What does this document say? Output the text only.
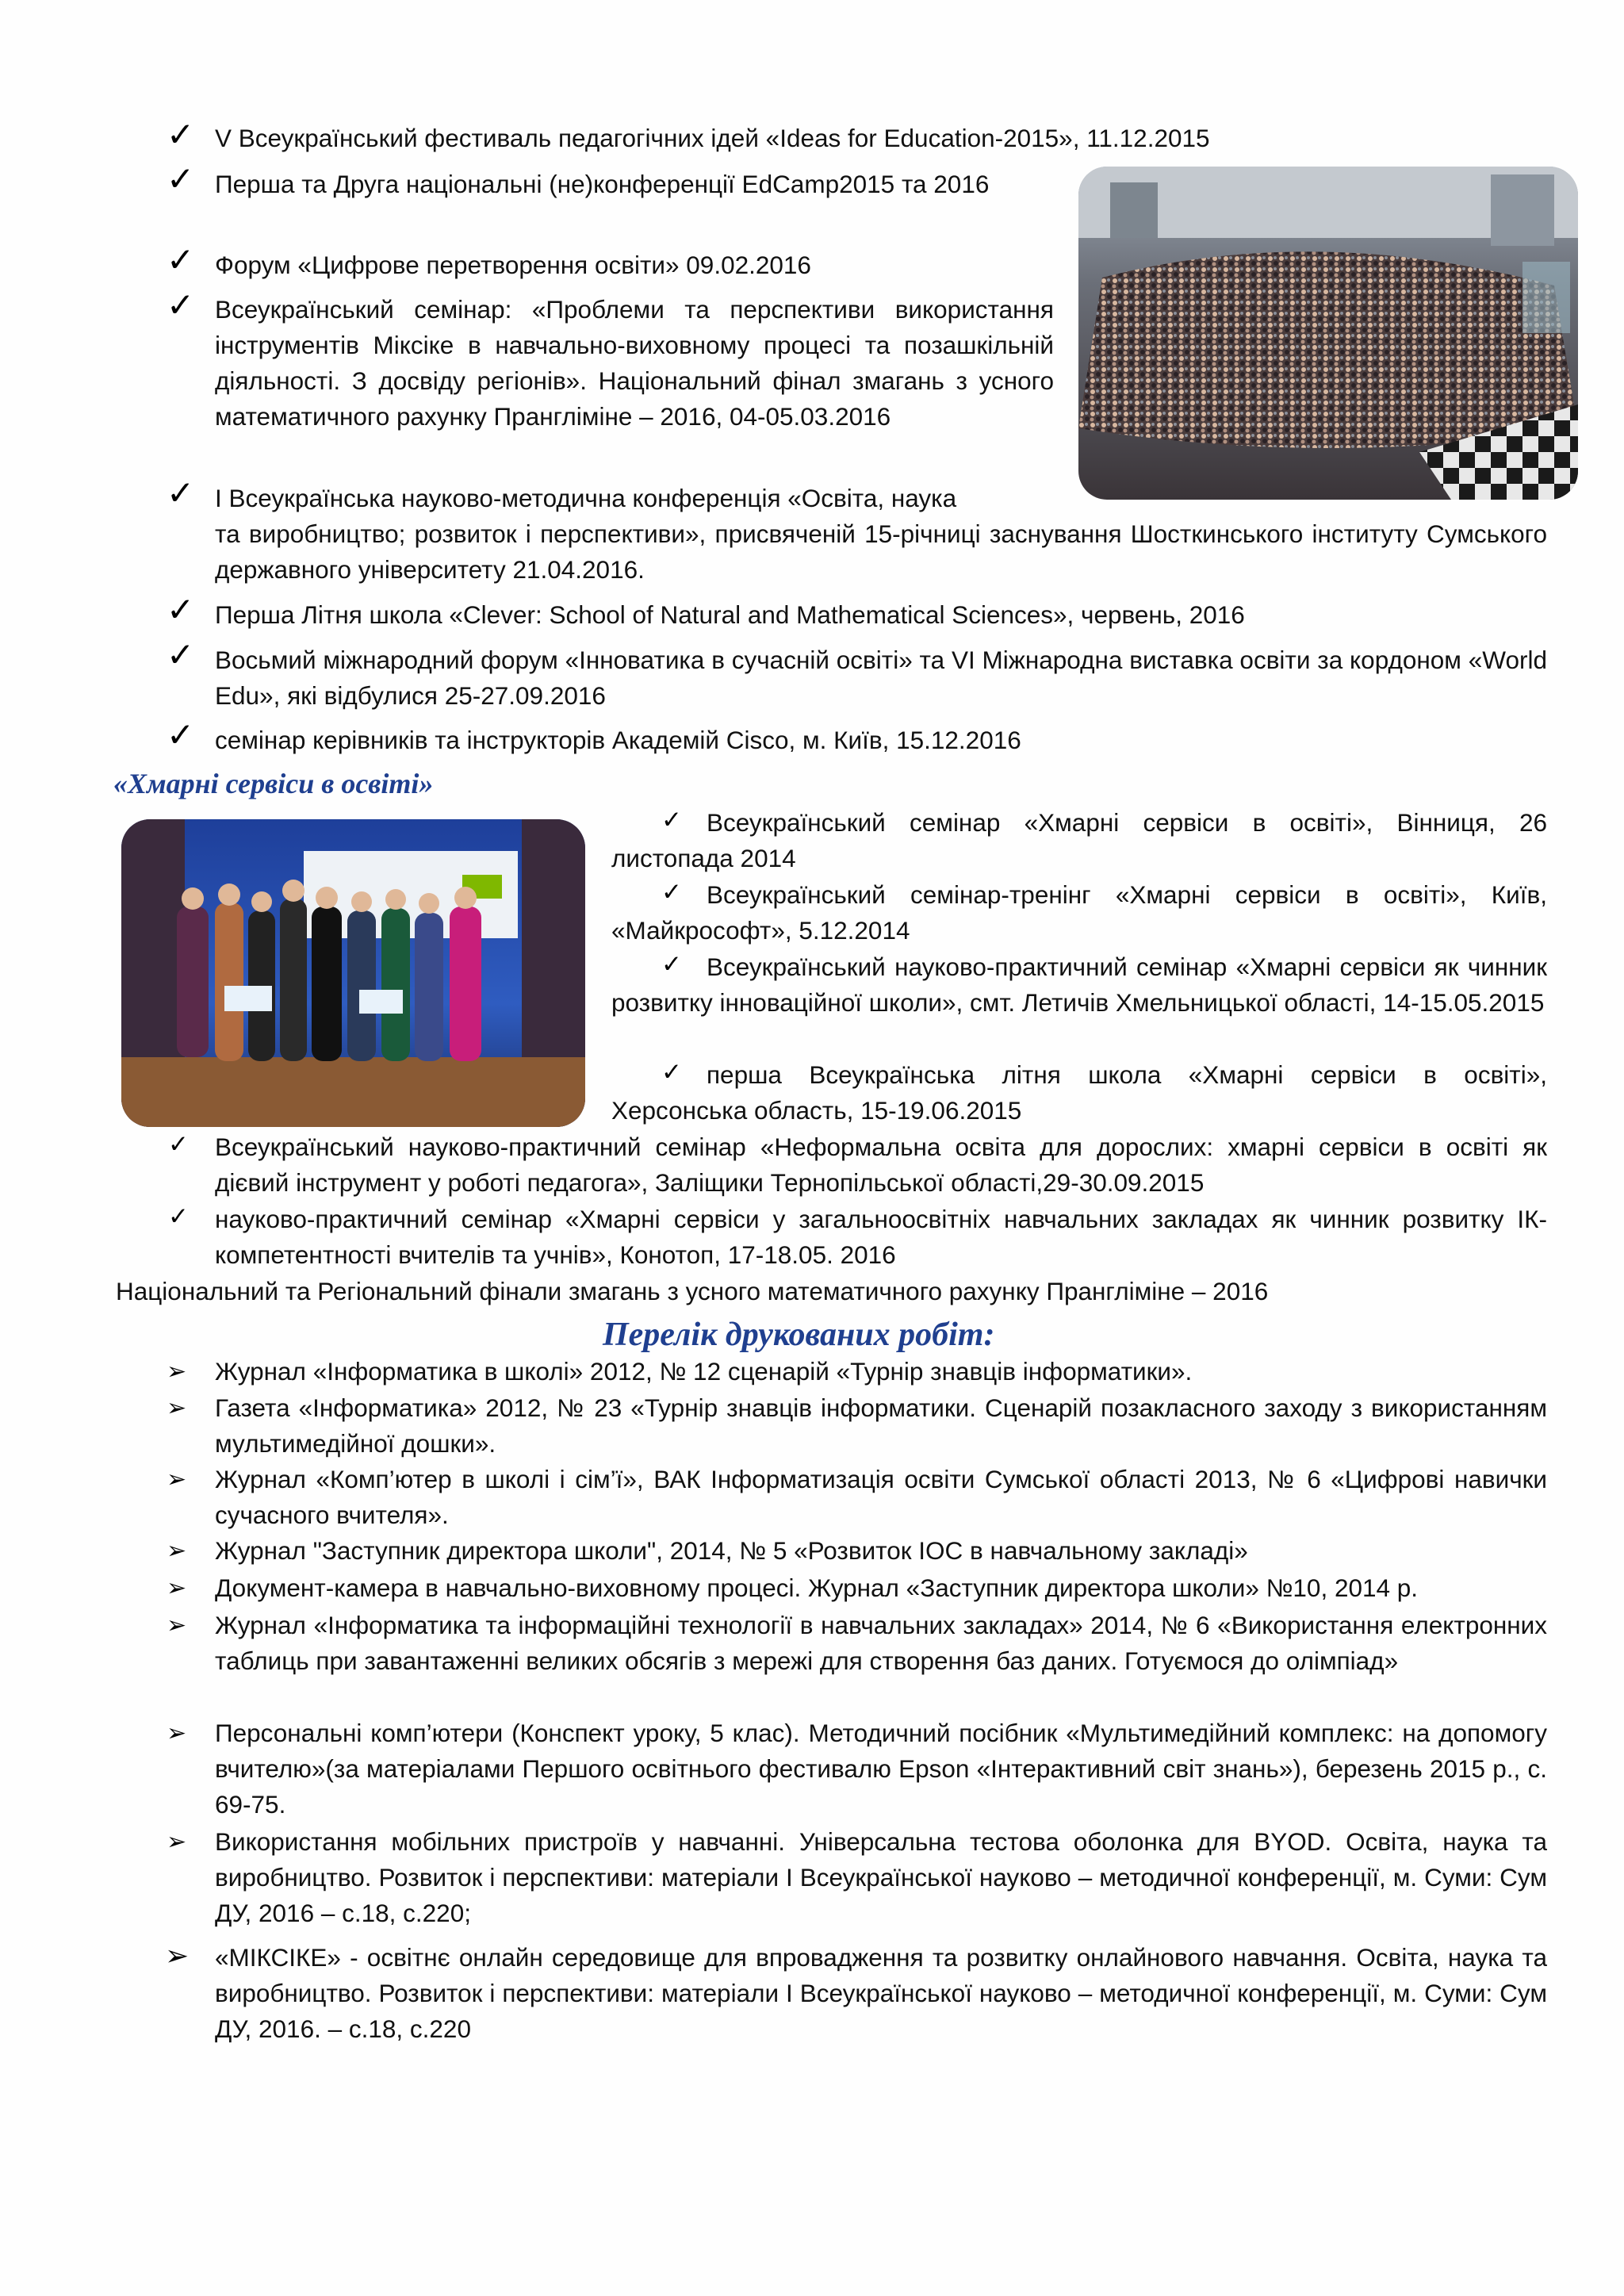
✓ V Всеукраїнський фестиваль педагогічних ідей «Ideas for Education-2015», 11.12.2015

✓ Перша та Друга національні (не)конференції EdCamp2015 та 2016

✓ Форум «Цифрове перетворення освіти» 09.02.2016

✓ Всеукраїнський семінар: «Проблеми та перспективи використання інструментів Міксіке в навчально-виховному процесі та позашкільній діяльності. З досвіду регіонів». Національний фінал змагань з усного математичного рахунку Прангліміне – 2016, 04-05.03.2016

✓ І Всеукраїнська науково-методична конференція «Освіта, наука

та виробництво; розвиток і перспективи», присвяченій 15-річниці заснування Шосткинського інституту Сумського державного університету 21.04.2016.

✓ Перша Літня школа «Clever: School of Natural and Mathematical Sciences», червень, 2016

✓ Восьмий міжнародний форум «Інноватика в сучасній освіті» та VI Міжнародна виставка освіти за кордоном «World Edu», які відбулися 25-27.09.2016

✓ семінар керівників та інструкторів Академій Cisco, м. Київ, 15.12.2016

«Хмарні сервіси в освіті»
✓ Всеукраїнський семінар «Хмарні сервіси в освіті», Вінниця, 26 листопада 2014

✓ Всеукраїнський семінар-тренінг «Хмарні сервіси в освіті», Київ, «Майкрософт», 5.12.2014

✓ Всеукраїнський науково-практичний семінар «Хмарні сервіси як чинник розвитку інноваційної школи», смт. Летичів Хмельницької області, 14-15.05.2015

✓ перша Всеукраїнська літня школа «Хмарні сервіси в освіті», Херсонська область, 15-19.06.2015

✓ Всеукраїнський науково-практичний семінар «Неформальна освіта для дорослих: хмарні сервіси в освіті як дієвий інструмент у роботі педагога», Заліщики Тернопільської області,29-30.09.2015

✓ науково-практичний семінар «Хмарні сервіси у загальноосвітніх навчальних закладах як чинник розвитку ІК-компетентності вчителів та учнів», Конотоп, 17-18.05. 2016

Національний та Регіональний фінали змагань з усного математичного рахунку Прангліміне – 2016

Перелік друкованих робіт:
➢ Журнал «Інформатика в школі» 2012, № 12 сценарій «Турнір знавців інформатики».

➢ Газета «Інформатика» 2012, № 23 «Турнір знавців інформатики. Сценарій позакласного заходу з використанням мультимедійної дошки».

➢ Журнал «Комп’ютер в школі і сім’ї», ВАК Інформатизація освіти Сумської області 2013, № 6 «Цифрові навички сучасного вчителя».

➢ Журнал "Заступник директора школи", 2014, № 5 «Розвиток ІОС в навчальному закладі»

➢ Документ-камера в навчально-виховному процесі. Журнал «Заступник директора школи» №10, 2014 р.

➢ Журнал «Інформатика та інформаційні технології в навчальних закладах» 2014, № 6 «Використання електронних таблиць при завантаженні великих обсягів з мережі для створення баз даних. Готуємося до олімпіад»

➢ Персональні комп’ютери (Конспект уроку, 5 клас). Методичний посібник «Мультимедійний комплекс: на допомогу вчителю»(за матеріалами Першого освітнього фестивалю Epson «Інтерактивний світ знань»), березень 2015 р., с. 69-75.

➢ Використання мобільних пристроїв у навчанні. Універсальна тестова оболонка для BYOD. Освіта, наука та виробництво. Розвиток і перспективи: матеріали І Всеукраїнської науково – методичної конференції, м. Суми: Сум ДУ, 2016 – с.18, с.220;

➢ «МІКСІКЕ» - освітнє онлайн середовище для впровадження та розвитку онлайнового навчання. Освіта, наука та виробництво. Розвиток і перспективи: матеріали І Всеукраїнської науково – методичної конференції, м. Суми: Сум ДУ, 2016. – с.18, с.220
